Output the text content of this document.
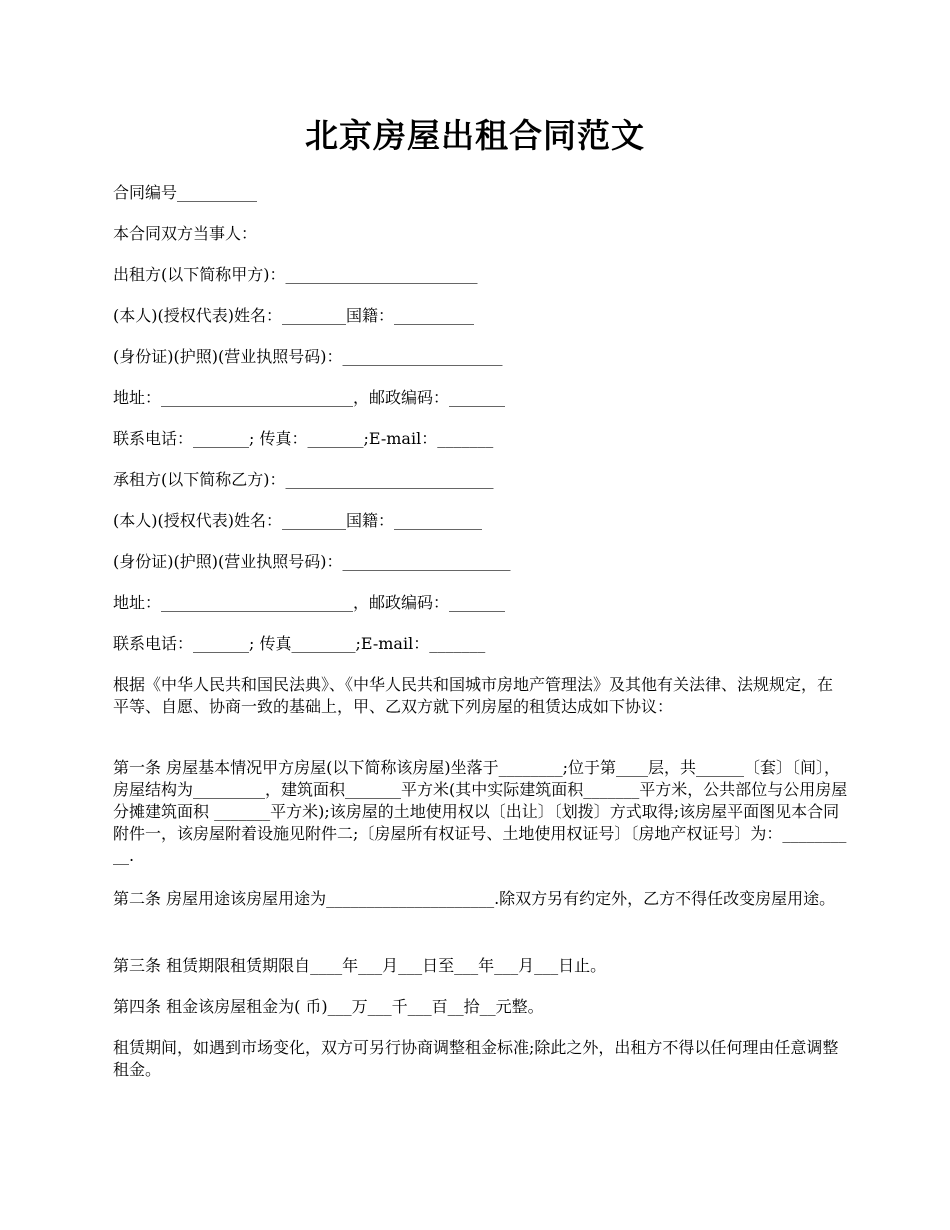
北京房屋出租合同范文

合同编号__________

本合同双方当事人：

出租方(以下简称甲方)：________________________

(本人)(授权代表)姓名：________国籍：__________

(身份证)(护照)(营业执照号码)：____________________

地址：________________________，邮政编码：_______

联系电话：_______; 传真：_______;E-mail：_______

承租方(以下简称乙方)：__________________________

(本人)(授权代表)姓名：________国籍：___________

(身份证)(护照)(营业执照号码)：_____________________

地址：________________________，邮政编码：_______

联系电话：_______; 传真________;E-mail：_______

根据《中华人民共和国民法典》、《中华人民共和国城市房地产管理法》及其他有关法律、法规规定，在平等、自愿、协商一致的基础上，甲、乙双方就下列房屋的租赁达成如下协议：

第一条 房屋基本情况甲方房屋(以下简称该房屋)坐落于________;位于第____层，共______〔套〕〔间〕，房屋结构为_________，建筑面积_______平方米(其中实际建筑面积_______平方米，公共部位与公用房屋分摊建筑面积 _______平方米);该房屋的土地使用权以〔出让〕〔划拨〕方式取得;该房屋平面图见本合同附件一，该房屋附着设施见附件二;〔房屋所有权证号、土地使用权证号〕〔房地产权证号〕为：__________.

第二条 房屋用途该房屋用途为_____________________.除双方另有约定外，乙方不得任改变房屋用途。

第三条 租赁期限租赁期限自____年___月___日至___年___月___日止。

第四条 租金该房屋租金为( 币)___万___千___百__拾__元整。

租赁期间，如遇到市场变化，双方可另行协商调整租金标准;除此之外，出租方不得以任何理由任意调整租金。
